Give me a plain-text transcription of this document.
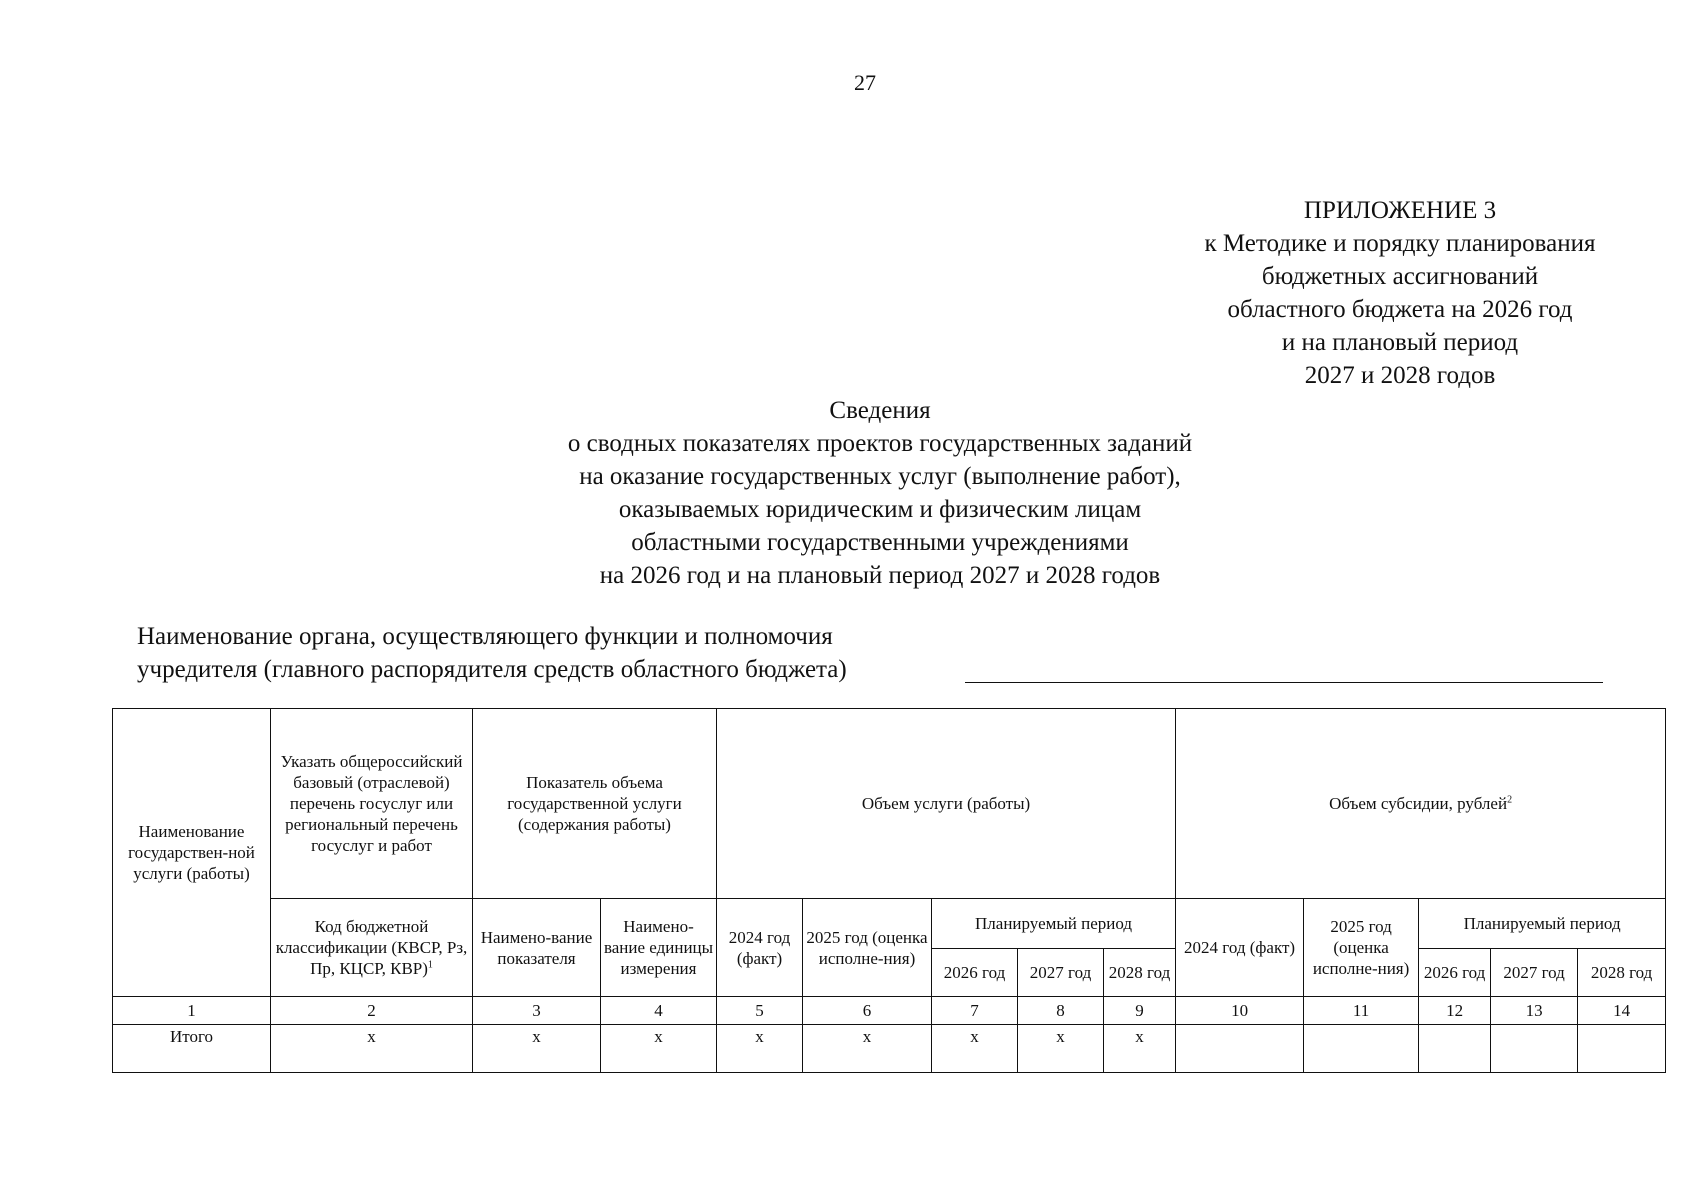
27
ПРИЛОЖЕНИЕ 3
к Методике и порядку планирования
бюджетных ассигнований
областного бюджета на 2026 год
и на плановый период
2027 и 2028 годов
Сведения
о сводных показателях проектов государственных заданий
на оказание государственных услуг (выполнение работ),
оказываемых юридическим и физическим лицам
областными государственными учреждениями
на 2026 год и на плановый период 2027 и 2028 годов
Наименование органа, осуществляющего функции и полномочия
учредителя (главного распорядителя средств областного бюджета)
Наименование государствен-ной услуги (работы)	Указать общероссийский базовый (отраслевой) перечень госуслуг или региональный перечень госуслуг и работ	Показатель объема государственной услуги (содержания работы)		Объем услуги (работы)					Объем субсидии, рублей$^2$
	Код бюджетной классификации (КВСР, Рз, Пр, КЦСР, КВР)$^1$	Наимено-вание показателя	Наимено-вание единицы измерения	2024 год (факт)	2025 год (оценка исполне-ния)	Планируемый период			2024 год (факт)	2025 год (оценка исполне-ния)	Планируемый период		
						2026 год	2027 год	2028 год			2026 год	2027 год	2028 год
1	2	3	4	5	6	7	8	9	10	11	12	13	14
Итого	х	х	х	х	х	х	х	х					
